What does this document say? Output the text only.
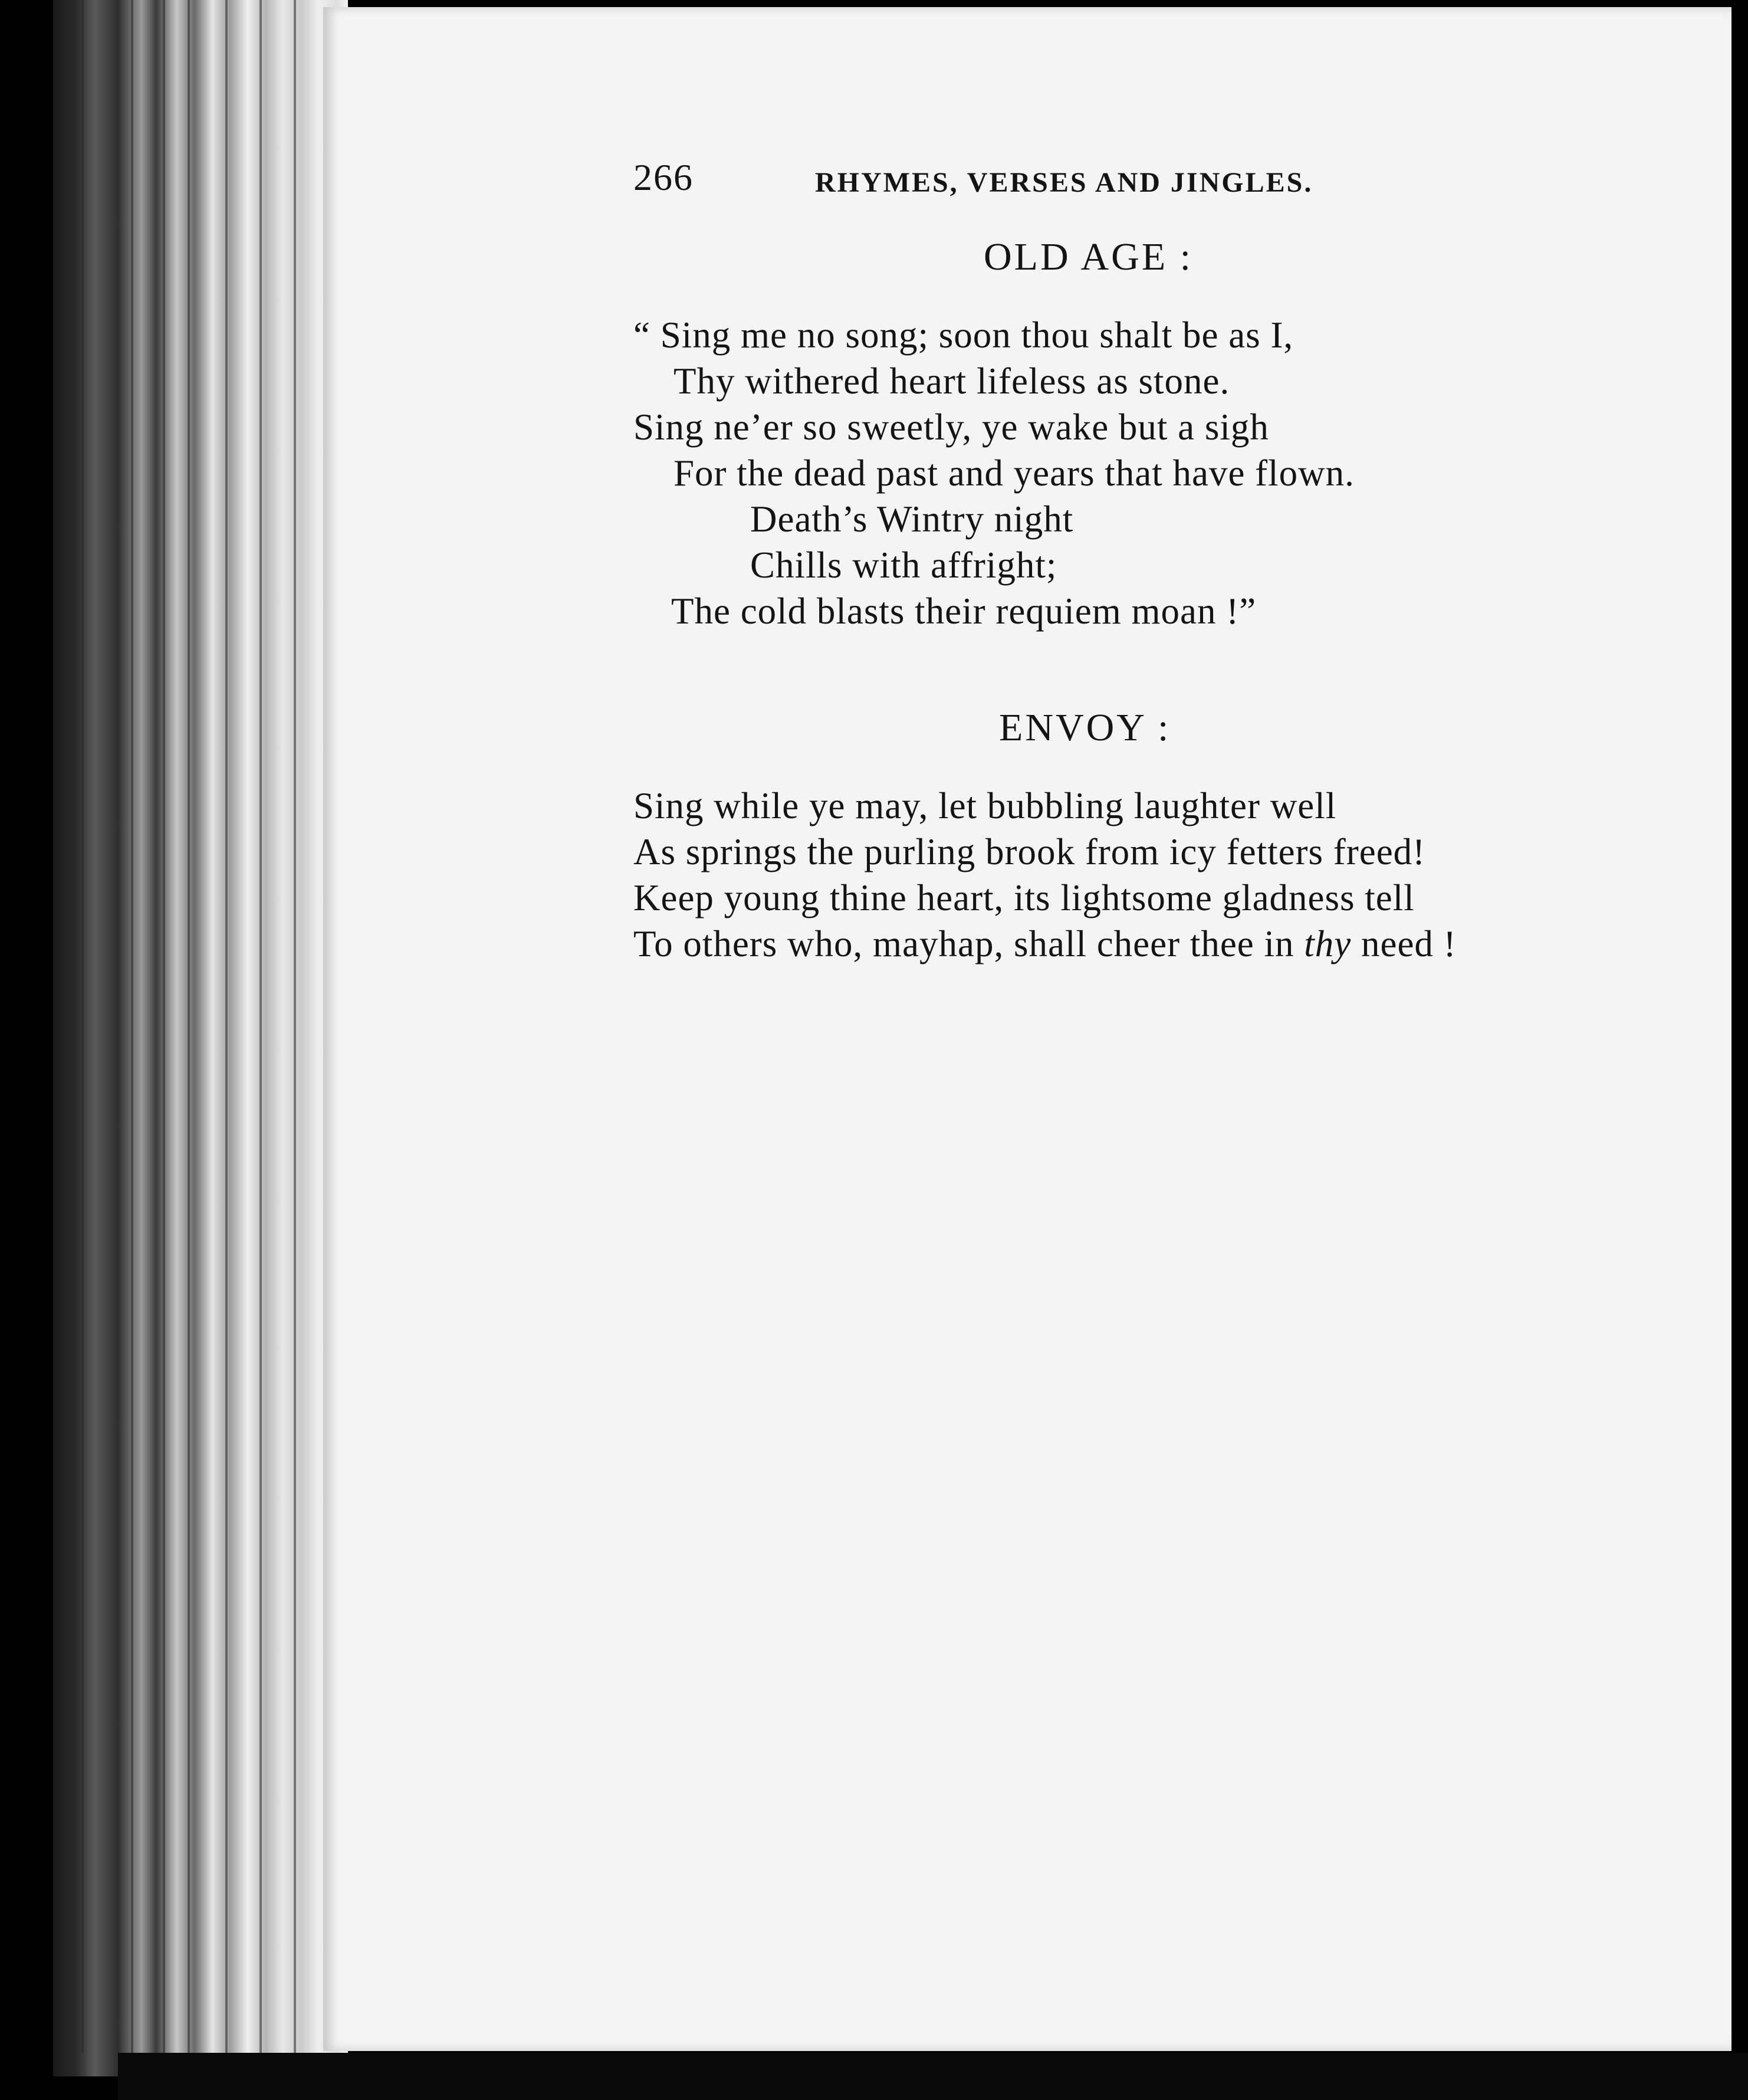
266	RHYMES, VERSES AND JINGLES.
OLD AGE :
“ Sing me no song; soon thou shalt be as I,
Thy withered heart lifeless as stone.
Sing ne’er so sweetly, ye wake but a sigh
For the dead past and years that have flown.
Death’s Wintry night
Chills with affright;
The cold blasts their requiem moan !”
ENVOY :
Sing while ye may, let bubbling laughter well
As springs the purling brook from icy fetters freed!
Keep young thine heart, its lightsome gladness tell
To others who, mayhap, shall cheer thee in thy need !
